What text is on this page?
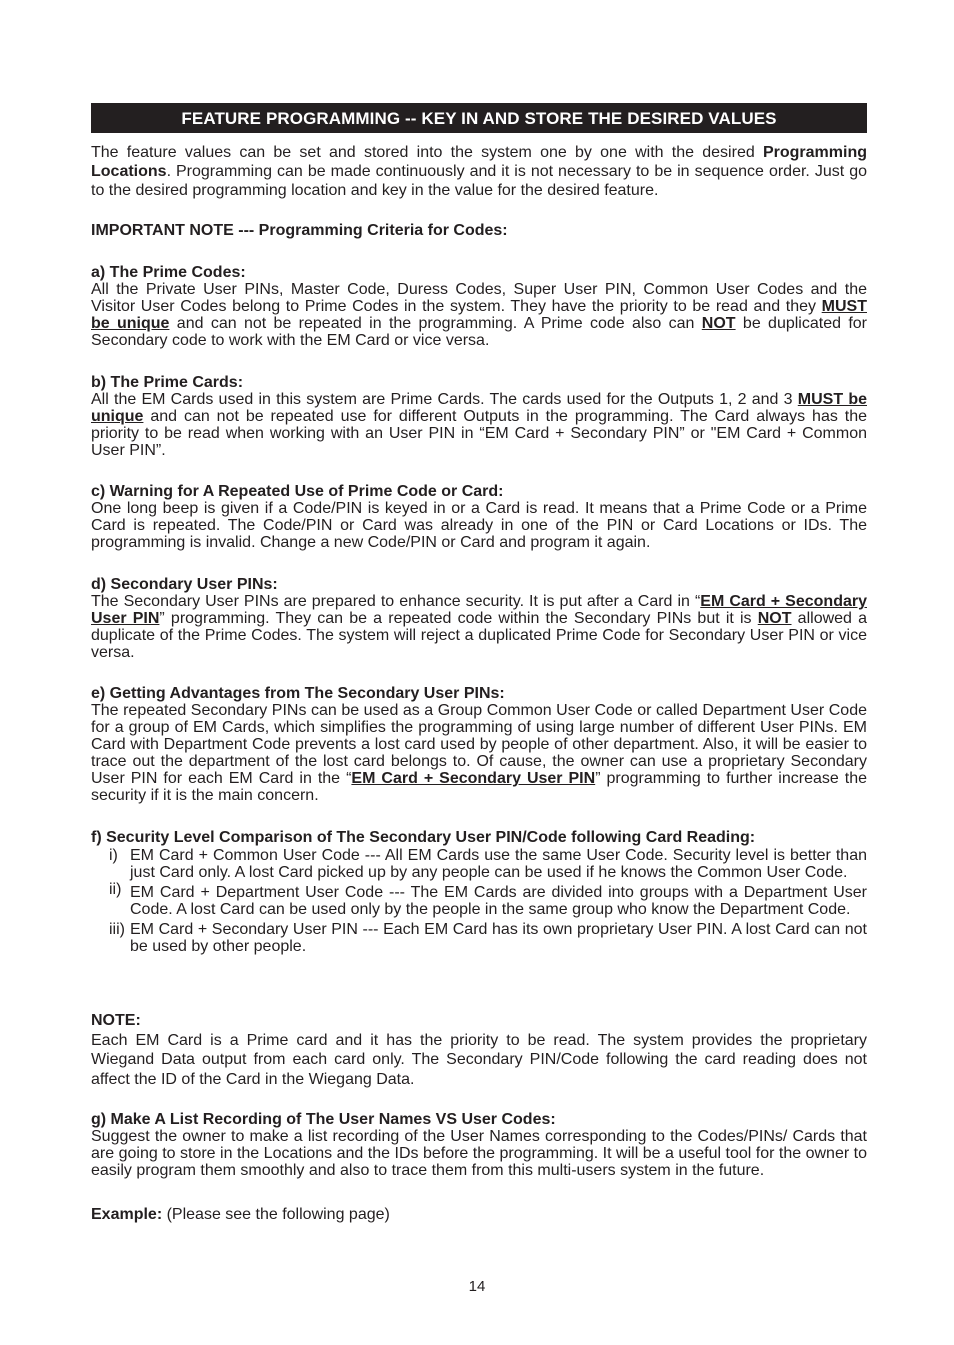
FEATURE PROGRAMMING -- KEY IN AND STORE THE DESIRED VALUES

The feature values can be set and stored into the system one by one with the desired Programming Locations. Programming can be made continuously and it is not necessary to be in sequence order. Just go to the desired programming location and key in the value for the desired feature.

IMPORTANT NOTE --- Programming Criteria for Codes:

a) The Prime Codes:

All the Private User PINs, Master Code, Duress Codes, Super User PIN, Common User Codes and the Visitor User Codes belong to Prime Codes in the system. They have the priority to be read and they MUST be unique and can not be repeated in the programming. A Prime code also can NOT be duplicated for Secondary code to work with the EM Card or vice versa.

b) The Prime Cards:

All the EM Cards used in this system are Prime Cards. The cards used for the Outputs 1, 2 and 3 MUST be unique and can not be repeated use for different Outputs in the programming. The Card always has the priority to be read when working with an User PIN in “EM Card + Secondary PIN” or "EM Card + Common User PIN”.

c) Warning for A Repeated Use of Prime Code or Card:

One long beep is given if a Code/PIN is keyed in or a Card is read. It means that a Prime Code or a Prime Card is repeated. The Code/PIN or Card was already in one of the PIN or Card Locations or IDs. The programming is invalid. Change a new Code/PIN or Card and program it again.

d) Secondary User PINs:

The Secondary User PINs are prepared to enhance security. It is put after a Card in “EM Card + Secondary User PIN” programming. They can be a repeated code within the Secondary PINs but it is NOT allowed a duplicate of the Prime Codes. The system will reject a duplicated Prime Code for Secondary User PIN or vice versa.

e) Getting Advantages from The Secondary User PINs:

The repeated Secondary PINs can be used as a Group Common User Code or called Department User Code for a group of EM Cards, which simplifies the programming of using large number of different User PINs. EM Card with Department Code prevents a lost card used by people of other department. Also, it will be easier to trace out the department of the lost card belongs to. Of cause, the owner can use a proprietary Secondary User PIN for each EM Card in the “EM Card + Secondary User PIN” programming to further increase the security if it is the main concern.

f) Security Level Comparison of The Secondary User PIN/Code following Card Reading:

i) EM Card + Common User Code --- All EM Cards use the same User Code. Security level is better than just Card only. A lost Card picked up by any people can be used if he knows the Common User Code.

ii) EM Card + Department User Code --- The EM Cards are divided into groups with a Department User Code. A lost Card can be used only by the people in the same group who know the Department Code.

iii) EM Card + Secondary User PIN --- Each EM Card has its own proprietary User PIN. A lost Card can not be used by other people.

NOTE:

Each EM Card is a Prime card and it has the priority to be read. The system provides the proprietary Wiegand Data output from each card only. The Secondary PIN/Code following the card reading does not affect the ID of the Card in the Wiegang Data.

g) Make A List Recording of The User Names VS User Codes:

Suggest the owner to make a list recording of the User Names corresponding to the Codes/PINs/ Cards that are going to store in the Locations and the IDs before the programming. It will be a useful tool for the owner to easily program them smoothly and also to trace them from this multi-users system in the future.

Example: (Please see the following page)

14
